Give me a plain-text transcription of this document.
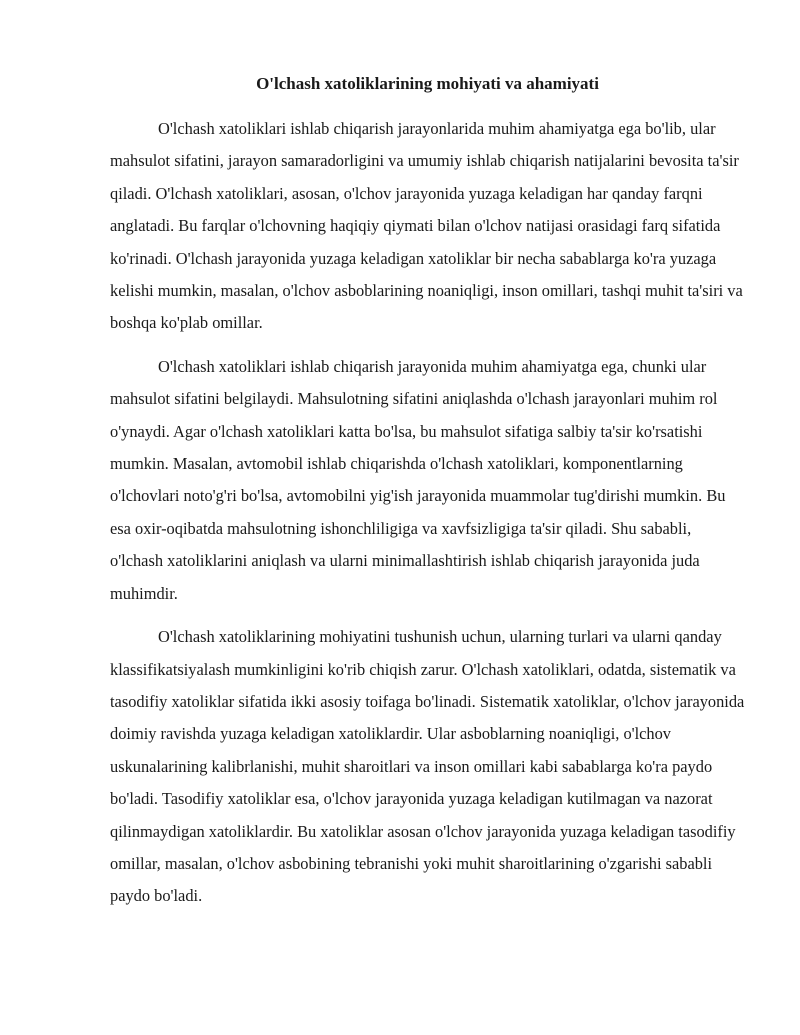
O'lchash xatoliklarining mohiyati va ahamiyati

O'lchash xatoliklari ishlab chiqarish jarayonlarida muhim ahamiyatga ega bo'lib, ular mahsulot sifatini, jarayon samaradorligini va umumiy ishlab chiqarish natijalarini bevosita ta'sir qiladi. O'lchash xatoliklari, asosan, o'lchov jarayonida yuzaga keladigan har qanday farqni anglatadi. Bu farqlar o'lchovning haqiqiy qiymati bilan o'lchov natijasi orasidagi farq sifatida ko'rinadi. O'lchash jarayonida yuzaga keladigan xatoliklar bir necha sabablarga ko'ra yuzaga kelishi mumkin, masalan, o'lchov asboblarining noaniqligi, inson omillari, tashqi muhit ta'siri va boshqa ko'plab omillar.

O'lchash xatoliklari ishlab chiqarish jarayonida muhim ahamiyatga ega, chunki ular mahsulot sifatini belgilaydi. Mahsulotning sifatini aniqlashda o'lchash jarayonlari muhim rol o'ynaydi. Agar o'lchash xatoliklari katta bo'lsa, bu mahsulot sifatiga salbiy ta'sir ko'rsatishi mumkin. Masalan, avtomobil ishlab chiqarishda o'lchash xatoliklari, komponentlarning o'lchovlari noto'g'ri bo'lsa, avtomobilni yig'ish jarayonida muammolar tug'dirishi mumkin. Bu esa oxir-oqibatda mahsulotning ishonchliligiga va xavfsizligiga ta'sir qiladi. Shu sababli, o'lchash xatoliklarini aniqlash va ularni minimallashtirish ishlab chiqarish jarayonida juda muhimdir.

O'lchash xatoliklarining mohiyatini tushunish uchun, ularning turlari va ularni qanday klassifikatsiyalash mumkinligini ko'rib chiqish zarur. O'lchash xatoliklari, odatda, sistematik va tasodifiy xatoliklar sifatida ikki asosiy toifaga bo'linadi. Sistematik xatoliklar, o'lchov jarayonida doimiy ravishda yuzaga keladigan xatoliklardir. Ular asboblarning noaniqligi, o'lchov uskunalarining kalibrlanishi, muhit sharoitlari va inson omillari kabi sabablarga ko'ra paydo bo'ladi. Tasodifiy xatoliklar esa, o'lchov jarayonida yuzaga keladigan kutilmagan va nazorat qilinmaydigan xatoliklardir. Bu xatoliklar asosan o'lchov jarayonida yuzaga keladigan tasodifiy omillar, masalan, o'lchov asbobining tebranishi yoki muhit sharoitlarining o'zgarishi sababli paydo bo'ladi.
